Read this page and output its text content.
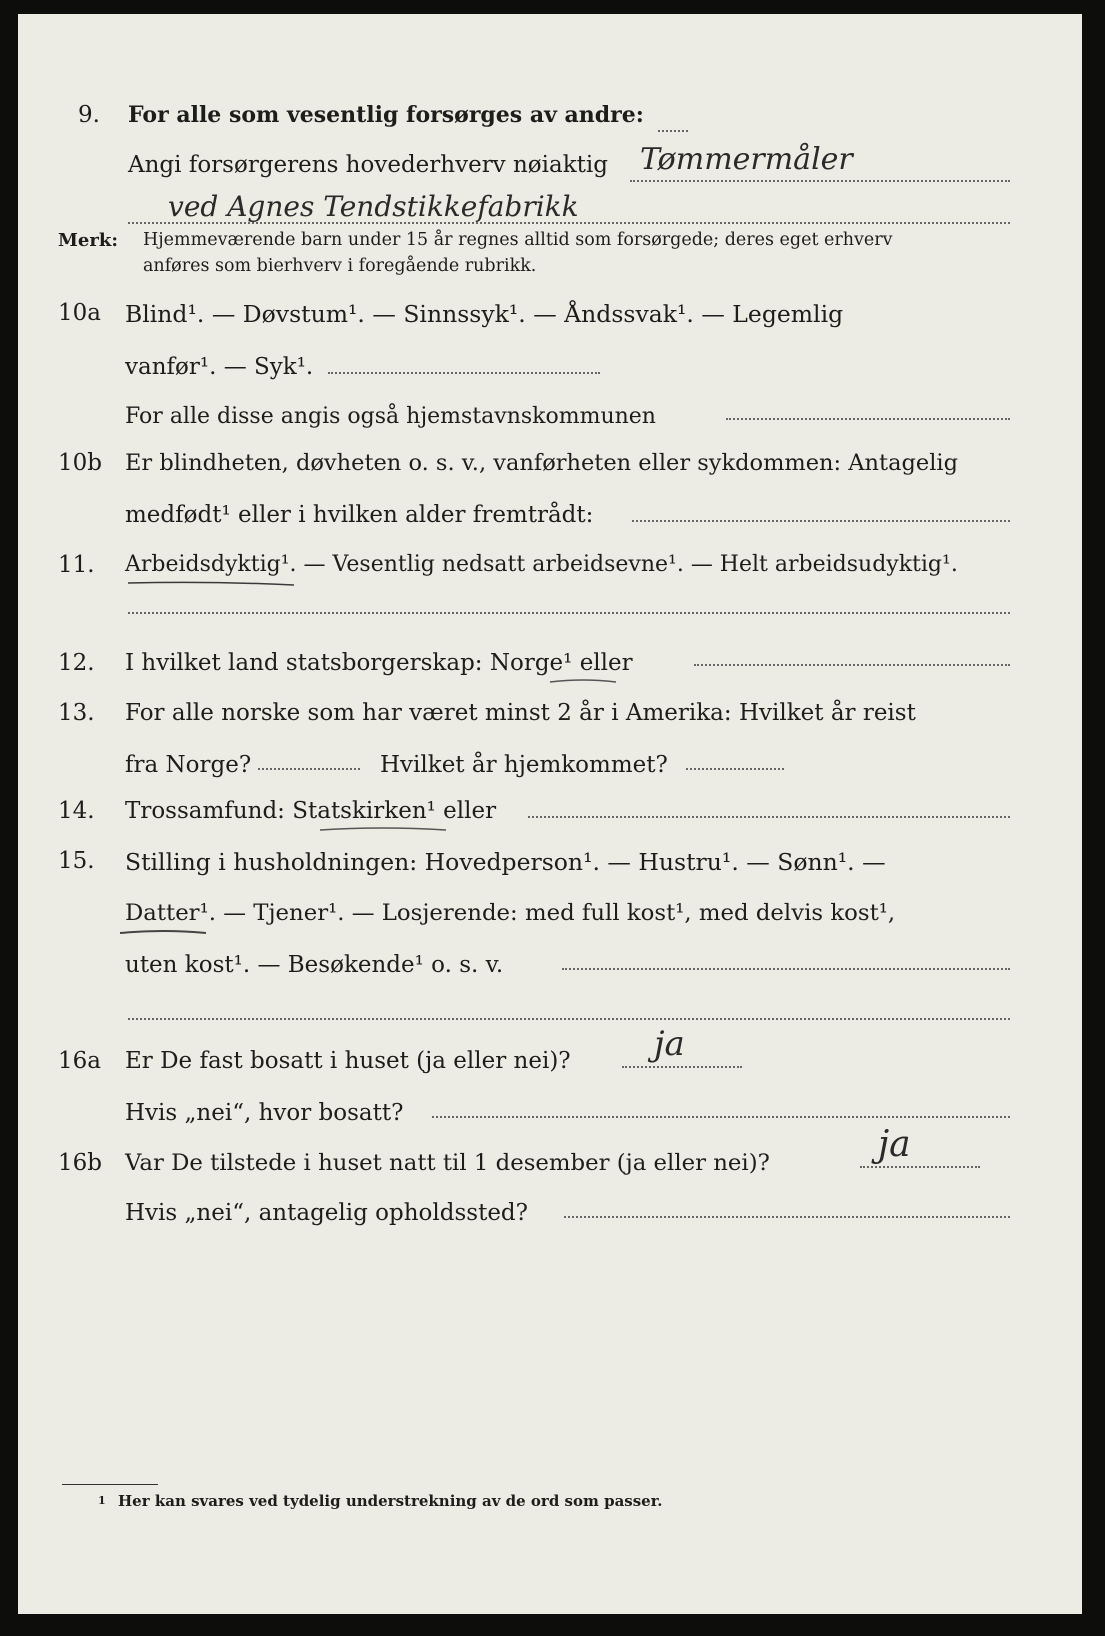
9. For alle som vesentlig forsørges av andre:
Angi forsørgerens hovederhverv nøiaktig Tømmermåler
ved Agnes Tendstikkefabrikk
Merk: Hjemmeværende barn under 15 år regnes alltid som forsørgede; deres eget erhverv
anføres som bierhverv i foregående rubrikk.
10a Blind¹. — Døvstum¹. — Sinnssyk¹. — Åndssvak¹. — Legemlig
vanfør¹. — Syk¹.
For alle disse angis også hjemstavnskommunen
10b Er blindheten, døvheten o. s. v., vanførheten eller sykdommen: Antagelig
medfødt¹ eller i hvilken alder fremtrådt:
11. Arbeidsdyktig¹. — Vesentlig nedsatt arbeidsevne¹. — Helt arbeidsudyktig¹.
12. I hvilket land statsborgerskap: Norge¹ eller
13. For alle norske som har været minst 2 år i Amerika: Hvilket år reist
fra Norge?	Hvilket år hjemkommet?
14. Trossamfund: Statskirken¹ eller
15. Stilling i husholdningen: Hovedperson¹. — Hustru¹. — Sønn¹. —
Datter¹. — Tjener¹. — Losjerende: med full kost¹, med delvis kost¹,
uten kost¹. — Besøkende¹ o. s. v.
16a Er De fast bosatt i huset (ja eller nei)? ja
Hvis „nei“, hvor bosatt?
16b Var De tilstede i huset natt til 1 desember (ja eller nei)?	ja
Hvis „nei“, antagelig opholdssted?
1 Her kan svares ved tydelig understrekning av de ord som passer.
